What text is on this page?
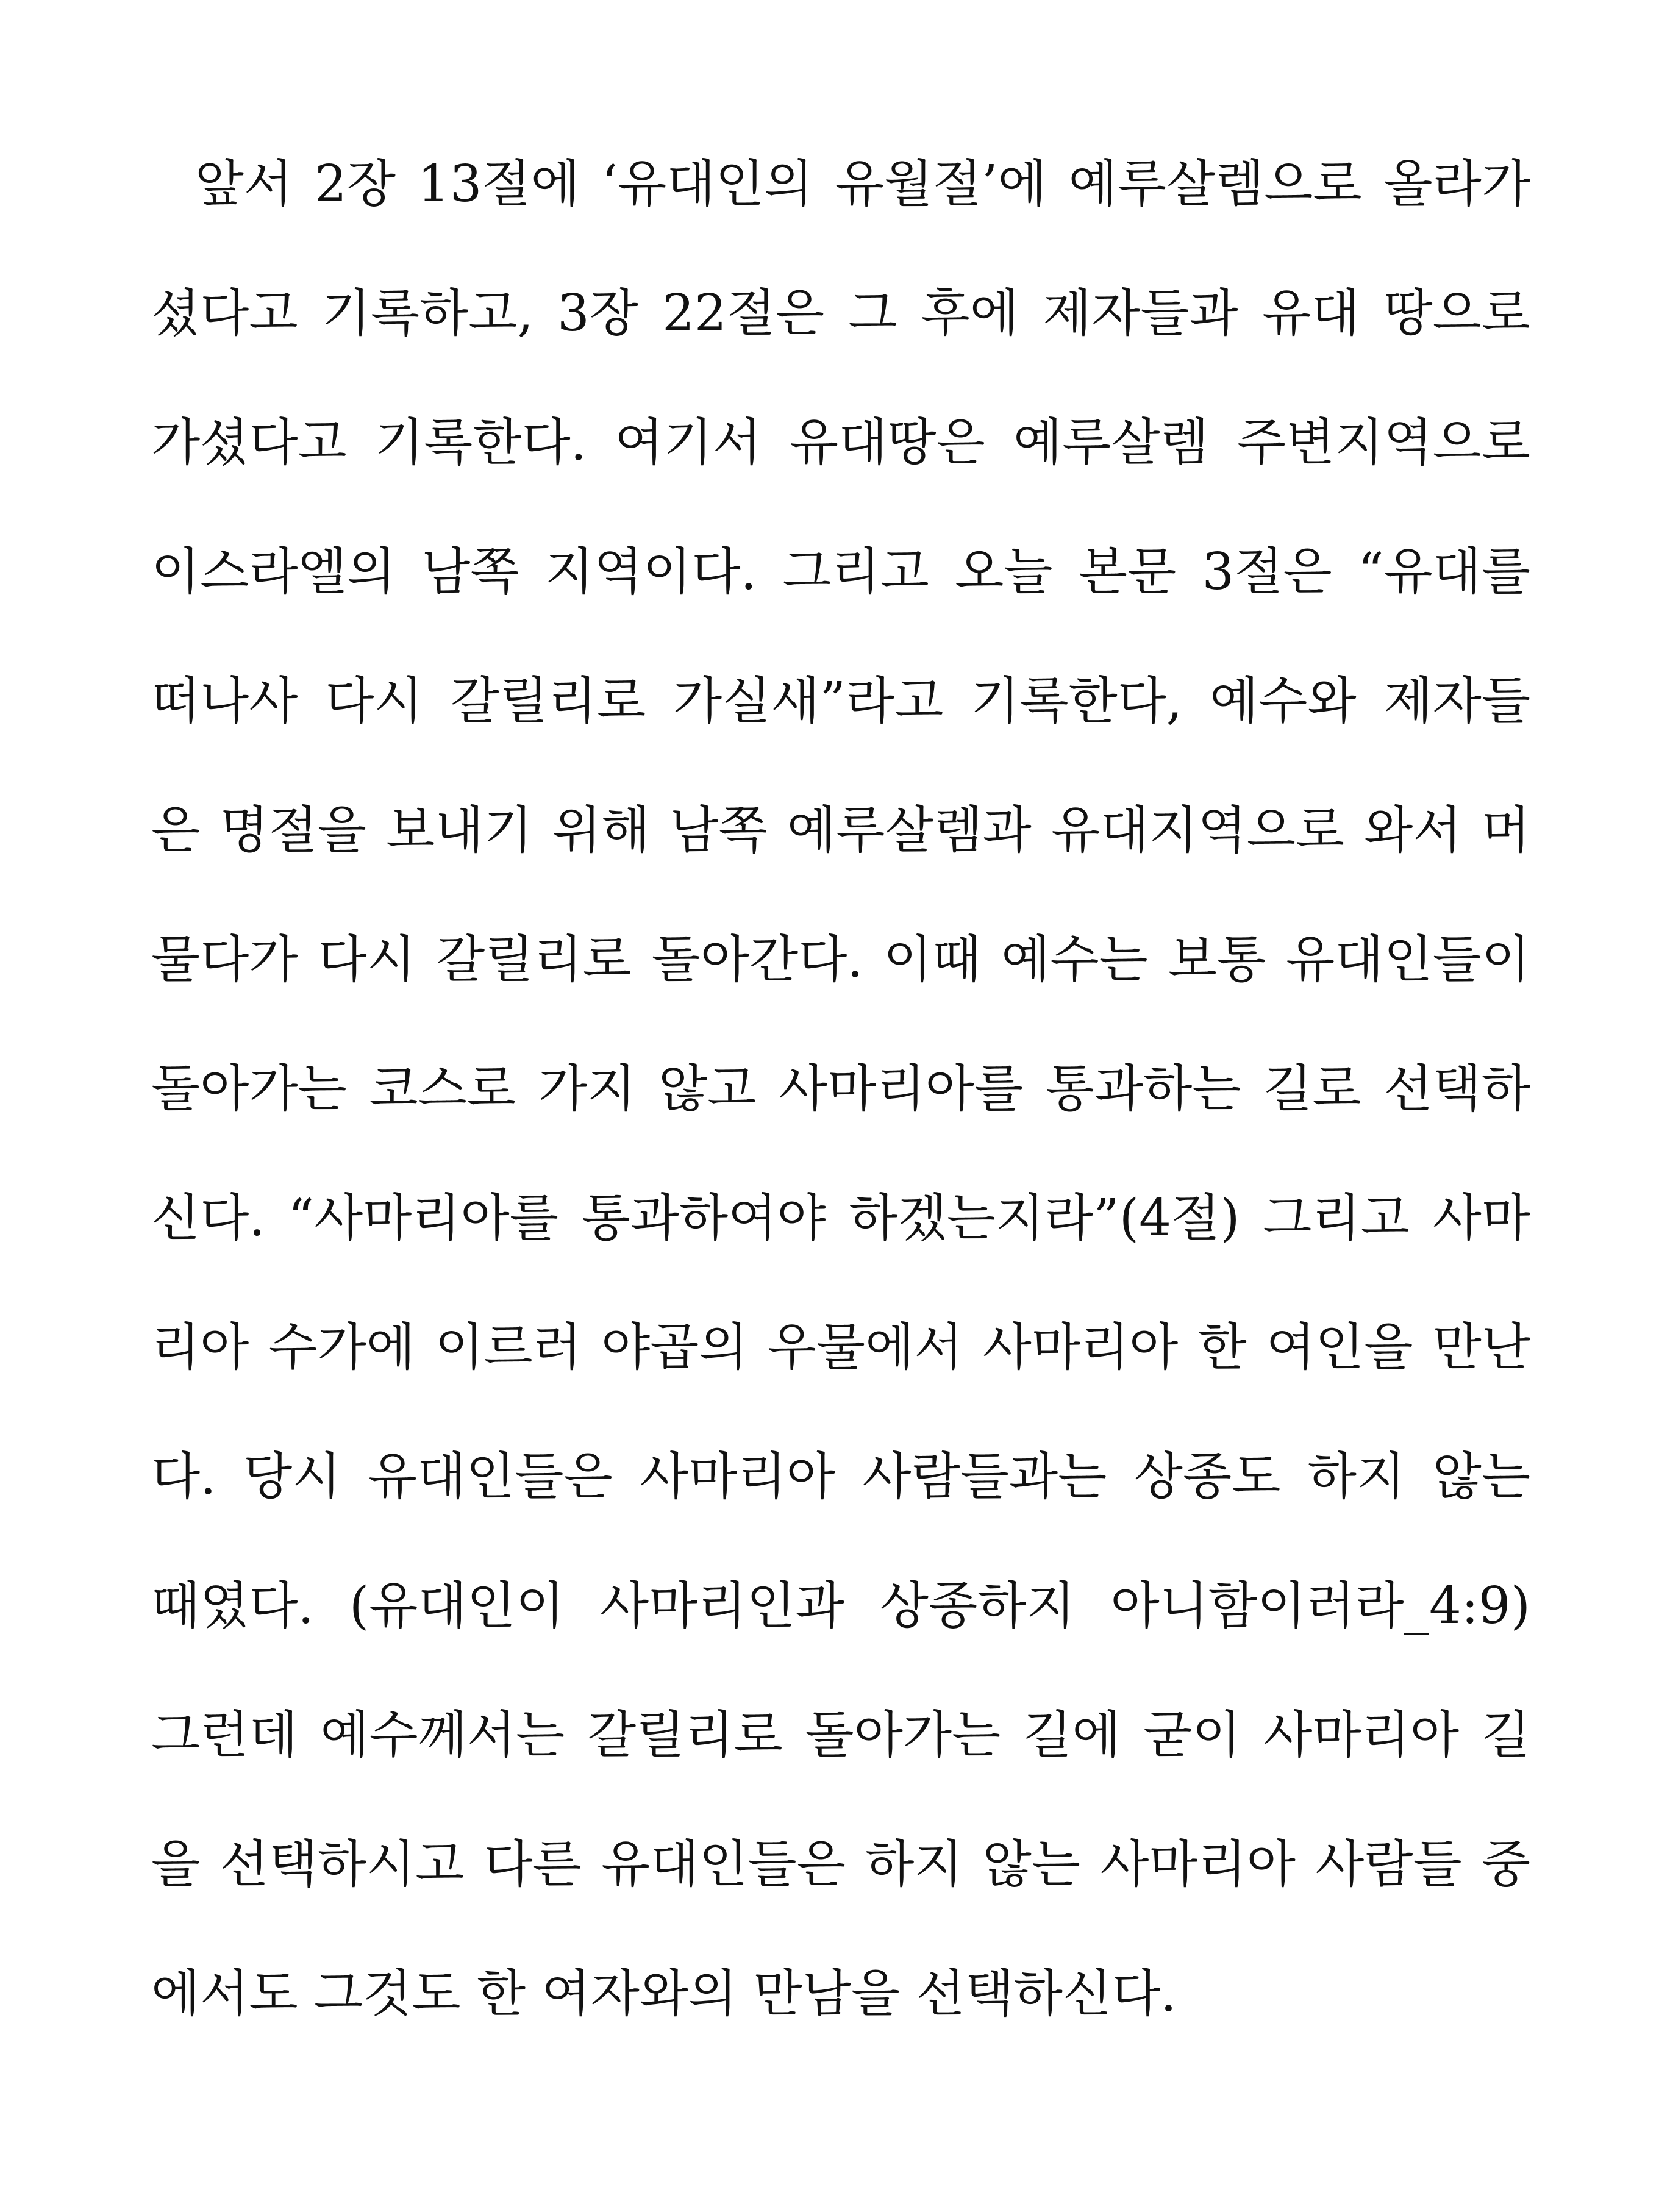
앞서 2장 13절에 ‘유대인의 유월절’에 예루살렘으로 올라가
셨다고 기록하고, 3장 22절은 그 후에 제자들과 유대 땅으로
가셨다고 기록한다. 여기서 유대땅은 예루살렘 주변지역으로
이스라엘의 남쪽 지역이다. 그리고 오늘 본문 3절은 “유대를
떠나사 다시 갈릴리로 가실새”라고 기록한다, 예수와 제자들
은 명절을 보내기 위해 남쪽 예루살렘과 유대지역으로 와서 머
물다가 다시 갈릴리로 돌아간다. 이때 예수는 보통 유대인들이
돌아가는 코스로 가지 않고 사마리아를 통과하는 길로 선택하
신다. “사마리아를 통과하여야 하겠는지라”(4절) 그리고 사마
리아 수가에 이르러 야곱의 우물에서 사마리아 한 여인을 만난
다. 당시 유대인들은 사마리아 사람들과는 상종도 하지 않는
때였다. (유대인이 사마리인과 상종하지 아니함이러라_4:9)
그런데 예수께서는 갈릴리로 돌아가는 길에 굳이 사마리아 길
을 선택하시고 다른 유대인들은 하지 않는 사마리아 사람들 중
에서도 그것도 한 여자와의 만남을 선택하신다.
